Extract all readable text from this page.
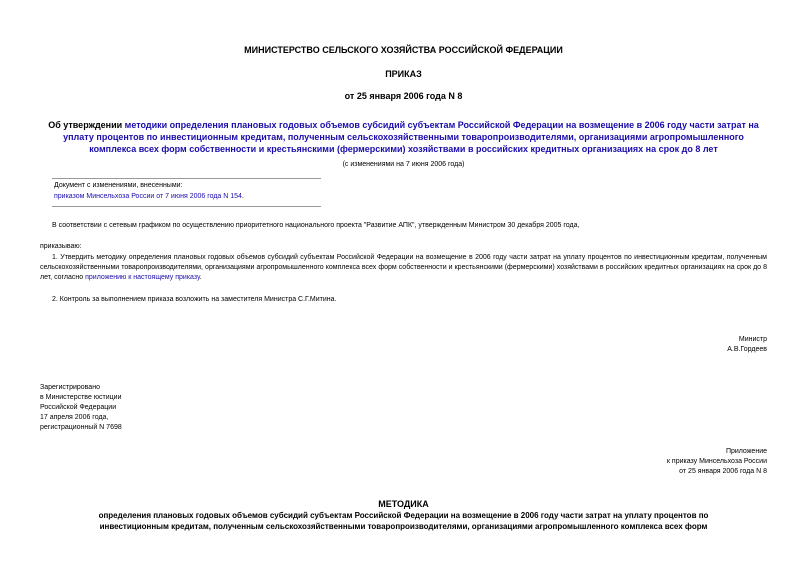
МИНИСТЕРСТВО СЕЛЬСКОГО ХОЗЯЙСТВА РОССИЙСКОЙ ФЕДЕРАЦИИ
ПРИКАЗ
от 25 января 2006 года N 8
Об утверждении методики определения плановых годовых объемов субсидий субъектам Российской Федерации на возмещение в 2006 году части затрат на уплату процентов по инвестиционным кредитам, полученным сельскохозяйственными товаропроизводителями, организациями агропромышленного комплекса всех форм собственности и крестьянскими (фермерскими) хозяйствами в российских кредитных организациях на срок до 8 лет
(с изменениями на 7 июня 2006 года)
Документ с изменениями, внесенными:
приказом Минсельхоза России от 7 июня 2006 года N 154.
В соответствии с сетевым графиком по осуществлению приоритетного национального проекта "Развитие АПК", утвержденным Министром 30 декабря 2005 года,
приказываю:
1. Утвердить методику определения плановых годовых объемов субсидий субъектам Российской Федерации на возмещение в 2006 году части затрат на уплату процентов по инвестиционным кредитам, полученным сельскохозяйственными товаропроизводителями, организациями агропромышленного комплекса всех форм собственности и крестьянскими (фермерскими) хозяйствами в российских кредитных организациях на срок до 8 лет, согласно приложению к настоящему приказу.
2. Контроль за выполнением приказа возложить на заместителя Министра С.Г.Митина.
Министр
А.В.Гордеев
Зарегистрировано
в Министерстве юстиции
Российской Федерации
17 апреля 2006 года,
регистрационный N 7698
Приложение
к приказу Минсельхоза России
от 25 января 2006 года N 8
МЕТОДИКА
определения плановых годовых объемов субсидий субъектам Российской Федерации на возмещение в 2006 году части затрат на уплату процентов по
инвестиционным кредитам, полученным сельскохозяйственными товаропроизводителями, организациями агропромышленного комплекса всех форм
